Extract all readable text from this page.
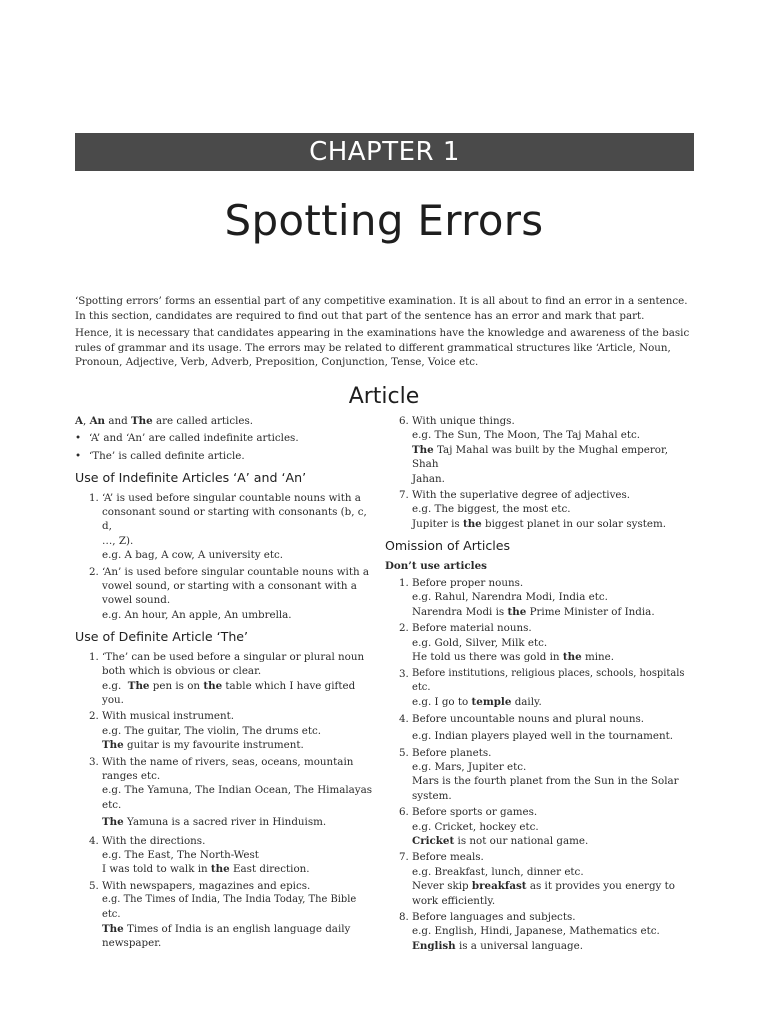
CHAPTER 1
Spotting Errors

‘Spotting errors’ forms an essential part of any competitive examination. It is all about to find an error in a sentence. In this section, candidates are required to find out that part of the sentence has an error and mark that part.

Hence, it is necessary that candidates appearing in the examinations have the knowledge and awareness of the basic rules of grammar and its usage. The errors may be related to different grammatical structures like ‘Article, Noun, Pronoun, Adjective, Verb, Adverb, Preposition, Conjunction, Tense, Voice etc.

Article

A, An and The are called articles.

• ‘A’ and ‘An’ are called indefinite articles.

• ‘The’ is called definite article.

Use of Indefinite Articles ‘A’ and ‘An’
1. ‘A’ is used before singular countable nouns with a

consonant sound or starting with consonants (b, c, d,

…, Z).

e.g. A bag, A cow, A university etc.

2. ‘An’ is used before singular countable nouns with a

vowel sound, or starting with a consonant with a

vowel sound.

e.g. An hour, An apple, An umbrella.

Use of Definite Article ‘The’
1. ‘The’ can be used before a singular or plural noun

both which is obvious or clear.

e.g. The pen is on the table which I have gifted you.

2. With musical instrument.

e.g. The guitar, The violin, The drums etc.

The guitar is my favourite instrument.

3. With the name of rivers, seas, oceans, mountain

ranges etc.

e.g. The Yamuna, The Indian Ocean, The Himalayas

etc.

The Yamuna is a sacred river in Hinduism.

4. With the directions.

e.g. The East, The North-West

I was told to walk in the East direction.

5. With newspapers, magazines and epics.

e.g. The Times of India, The India Today, The Bible etc.

The Times of India is an english language daily

newspaper.

6. With unique things.

e.g. The Sun, The Moon, The Taj Mahal etc.

The Taj Mahal was built by the Mughal emperor, Shah

Jahan.

7. With the superlative degree of adjectives.

e.g. The biggest, the most etc.

Jupiter is the biggest planet in our solar system.

Omission of Articles

Don’t use articles

1. Before proper nouns.

e.g. Rahul, Narendra Modi, India etc.

Narendra Modi is the Prime Minister of India.

2. Before material nouns.

e.g. Gold, Silver, Milk etc.

He told us there was gold in the mine.

3. Before institutions, religious places, schools, hospitals etc.

e.g. I go to temple daily.

4. Before uncountable nouns and plural nouns.

e.g. Indian players played well in the tournament.

5. Before planets.

e.g. Mars, Jupiter etc.

Mars is the fourth planet from the Sun in the Solar

system.

6. Before sports or games.

e.g. Cricket, hockey etc.

Cricket is not our national game.

7. Before meals.

e.g. Breakfast, lunch, dinner etc.

Never skip breakfast as it provides you energy to

work efficiently.

8. Before languages and subjects.

e.g. English, Hindi, Japanese, Mathematics etc.

English is a universal language.
